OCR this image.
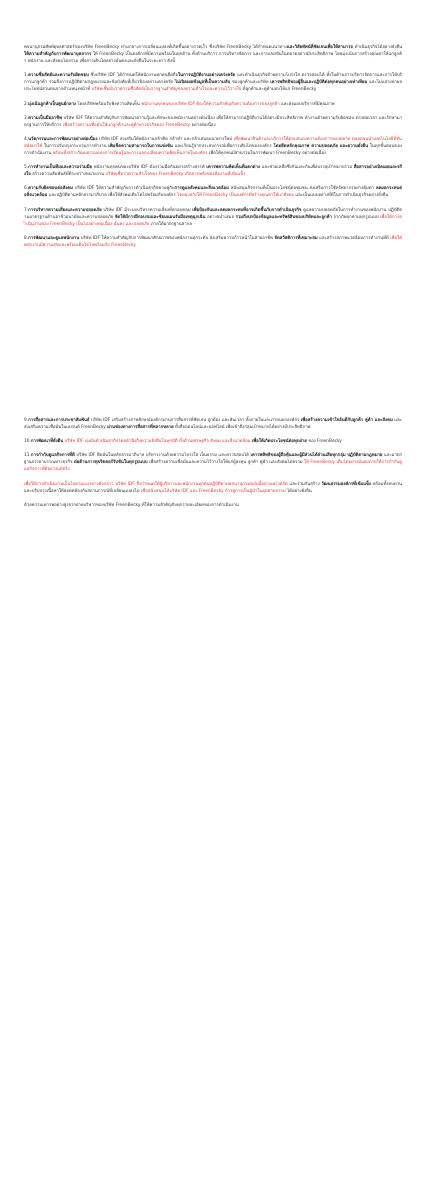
พจนานุกรมศัพท์ยุทธศาสตร์ของบริษัท FreenBecky ท่ามกลางการเปลี่ยนแปลงที่เกิดขึ้นอย่างรวดเร็ว ซึ่งบริษัท FreenBecky ได้กำหนดแนวทางและวิสัยทัศน์ที่ชัดเจนเพื่อให้สามารถ ดำเนินธุรกิจได้อย่างยั่งยืน ให้ความสำคัญกับการพัฒนาบุคลากร ให้ FreenBecky เป็นองค์กรที่มีความพร้อมในทุกด้าน ทั้งด้านบริการ การบริหารจัดการ และการแข่งขันในตลาดอย่างมีประสิทธิภาพ โดยมุ่งเน้นการสร้างคุณค่าให้แก่ลูกค้า พนักงาน และสังคมโดยรวม เพื่อการเติบโตอย่างมั่นคงและยั่งยืนในระยะยาว ดังนี้

1.ความซื่อสัตย์และความรับผิดชอบ ซึ่งบริษัท IDF ได้กำหนดให้พนักงานทุกคนยึดถือในการปฏิบัติงานอย่างเคร่งครัด และดำเนินธุรกิจด้วยความโปร่งใส ตรวจสอบได้ ทั้งในด้านการบริหารจัดการและการให้บริการแก่ลูกค้า รวมถึงการปฏิบัติตามกฎหมายและข้อบังคับที่เกี่ยวข้องอย่างเคร่งครัด ไม่เปิดเผยข้อมูลที่เป็นความลับ ของลูกค้าและบริษัท เคารพสิทธิของผู้อื่นและปฏิบัติต่อทุกคนอย่างเท่าเทียม และไม่แสวงหาผลประโยชน์ส่วนตนจากตำแหน่งหน้าที่ บริษัทเชื่อมั่นว่าความซื่อสัตย์เป็นรากฐานสำคัญของความสำเร็จและความไว้วางใจ ที่ลูกค้าและคู่ค้ามอบให้แก่ FreenBecky

2.มุ่งเน้นลูกค้าเป็นศูนย์กลาง โดยบริษัทพร้อมรับฟังความคิดเห็น พนักงานทุกคนของบริษัท IDF ต้องให้ความสำคัญกับความต้องการของลูกค้า และส่งมอบบริการที่มีคุณภาพ

3.ความเป็นมืออาชีพ บริษัท IDF ให้ความสำคัญกับการพัฒนาความรู้และทักษะของพนักงานอย่างต่อเนื่อง เพื่อให้สามารถปฏิบัติงานได้อย่างมีประสิทธิภาพ ทำงานด้วยความรับผิดชอบ ตรงต่อเวลา และรักษามาตรฐานการให้บริการ เพื่อสร้างความเชื่อมั่นให้แก่ลูกค้าและคู่ค้าทางธุรกิจของ FreenBecky อย่างต่อเนื่อง

4.นวัตกรรมและการพัฒนาอย่างต่อเนื่อง บริษัท IDF ส่งเสริมให้พนักงานกล้าคิด กล้าทำ และกล้าเสนอแนวทางใหม่ เพื่อพัฒนาสินค้าและบริการให้ตอบสนองความต้องการของตลาด ตลอดจนนำเทคโนโลยีที่ทันสมัยมาใช้ ในการปรับปรุงกระบวนการทำงาน เพิ่มขีดความสามารถในการแข่งขัน และเรียนรู้จากประสบการณ์เพื่อการเติบโตขององค์กร โดยยึดหลักคุณภาพ ความปลอดภัย และความยั่งยืน ในทุกขั้นตอนของการดำเนินงาน พร้อมทั้งสร้างวัฒนธรรมแห่งการเรียนรู้และการแลกเปลี่ยนความคิดเห็นภายในองค์กร เพื่อให้ทุกคนมีส่วนร่วมในการพัฒนา FreenBecky อย่างต่อเนื่อง

5.การทำงานเป็นทีมและความร่วมมือ พนักงานทุกคนของบริษัท IDF ต้องร่วมมือกันอย่างสร้างสรรค์ เคารพความคิดเห็นที่แตกต่าง และช่วยเหลือซึ่งกันและกันเพื่อบรรลุเป้าหมายร่วม สื่อสารอย่างเปิดเผยและจริงใจ สร้างความสัมพันธ์ที่ดีระหว่างหน่วยงาน บริษัทเชื่อว่าความสำเร็จของ FreenBecky เกิดจากพลังของทีมงานที่เข้มแข็ง

6.ความรับผิดชอบต่อสังคม บริษัท IDF ให้ความสำคัญกับการดำเนินธุรกิจควบคู่กับการดูแลสังคมและสิ่งแวดล้อม สนับสนุนกิจกรรมที่เป็นประโยชน์ต่อชุมชน ส่งเสริมการใช้ทรัพยากรอย่างคุ้มค่า ลดผลกระทบต่อสิ่งแวดล้อม และปฏิบัติตามหลักธรรมาภิบาล เพื่อให้สังคมเติบโตไปพร้อมกับองค์กร โดยมุ่งหวังให้ FreenBecky เป็นองค์กรที่สร้างคุณค่าให้แก่สังคม และเป็นแบบอย่างที่ดีในการดำเนินธุรกิจอย่างยั่งยืน

7.การบริหารความเสี่ยงและความปลอดภัย บริษัท IDF มีระบบบริหารความเสี่ยงที่ครอบคลุม เพื่อป้องกันและลดผลกระทบที่อาจเกิดขึ้นกับการดำเนินธุรกิจ ดูแลความปลอดภัยในการทำงานของพนักงาน ปฏิบัติตามมาตรฐานด้านอาชีวอนามัยและความปลอดภัย จัดให้มีการฝึกอบรมและซ้อมแผนรับมือเหตุฉุกเฉิน อย่างสม่ำเสมอ รวมถึงปกป้องข้อมูลและทรัพย์สินของบริษัทและลูกค้า จากภัยคุกคามทุกรูปแบบ เพื่อให้การดำเนินงานของ FreenBecky เป็นไปอย่างต่อเนื่อง มั่นคง และปลอดภัย ภายใต้มาตรฐานสากล

8.การพัฒนาและดูแลพนักงาน บริษัท IDF ให้ความสำคัญกับการพัฒนาศักยภาพของพนักงานทุกระดับ ส่งเสริมความก้าวหน้าในสายอาชีพ จัดสวัสดิการที่เหมาะสม และสร้างสภาพแวดล้อมการทำงานที่ดี เพื่อให้พนักงานมีความสุขและพร้อมเติบโตไปพร้อมกับ FreenBecky

9.การสื่อสารและการประชาสัมพันธ์ บริษัท IDF เสริมสร้างภาพลักษณ์องค์กรผ่านการสื่อสารที่ชัดเจน ถูกต้อง และทันเวลา ทั้งภายในและภายนอกองค์กร เพื่อสร้างความเข้าใจอันดีกับลูกค้า คู่ค้า และสังคม และส่งเสริมความเชื่อมั่นในแบรนด์ FreenBecky ผ่านช่องทางการสื่อสารที่หลากหลาย ทั้งสื่อออนไลน์และออฟไลน์ เพื่อเข้าถึงกลุ่มเป้าหมายได้อย่างมีประสิทธิภาพ

10.การพัฒนาที่ยั่งยืน บริษัท IDF มุ่งมั่นดำเนินธุรกิจโดยคำนึงถึงความยั่งยืนในทุกมิติ ทั้งด้านเศรษฐกิจ สังคม และสิ่งแวดล้อม เพื่อให้เกิดประโยชน์ต่อทุกฝ่าย ของ FreenBecky

11.การกำกับดูแลกิจการที่ดี บริษัท IDF ยึดมั่นในหลักธรรมาภิบาล บริหารงานด้วยความโปร่งใส เป็นธรรม และตรวจสอบได้ เคารพสิทธิของผู้ถือหุ้นและผู้มีส่วนได้ส่วนเสียทุกกลุ่ม ปฏิบัติตามกฎหมาย และมาตรฐานจรรยาบรรณทางธุรกิจ ต่อต้านการทุจริตคอร์รัปชันในทุกรูปแบบ เพื่อสร้างความเชื่อมั่นและความไว้วางใจให้แก่ผู้ลงทุน ลูกค้า คู่ค้า และสังคมโดยรวม ให้ FreenBecky เติบโตอย่างมั่นคงภายใต้การกำกับดูแลกิจการที่ดีอย่างแท้จริง

เพื่อให้การดำเนินงานเป็นไปตามแนวทางดังกล่าว บริษัท IDF จึงกำหนดให้ผู้บริหารและพนักงานทุกคนปฏิบัติตามพจนานุกรมฉบับนี้อย่างเคร่งครัด และร่วมกันสร้าง วัฒนธรรมองค์กรที่เข้มแข็ง พร้อมทั้งทบทวนและปรับปรุงเนื้อหาให้สอดคล้องกับสถานการณ์ที่เปลี่ยนแปลงไป เพื่อสนับสนุนให้บริษัท IDF และ FreenBecky ก้าวสู่การเป็นผู้นำในอุตสาหกรรม ได้อย่างยั่งยืน

ด้วยความเคารพอย่างสูงจากฝ่ายบริหารของบริษัท FreenBecky ที่ให้ความสำคัญกับทุกรายละเอียดของการดำเนินงาน
